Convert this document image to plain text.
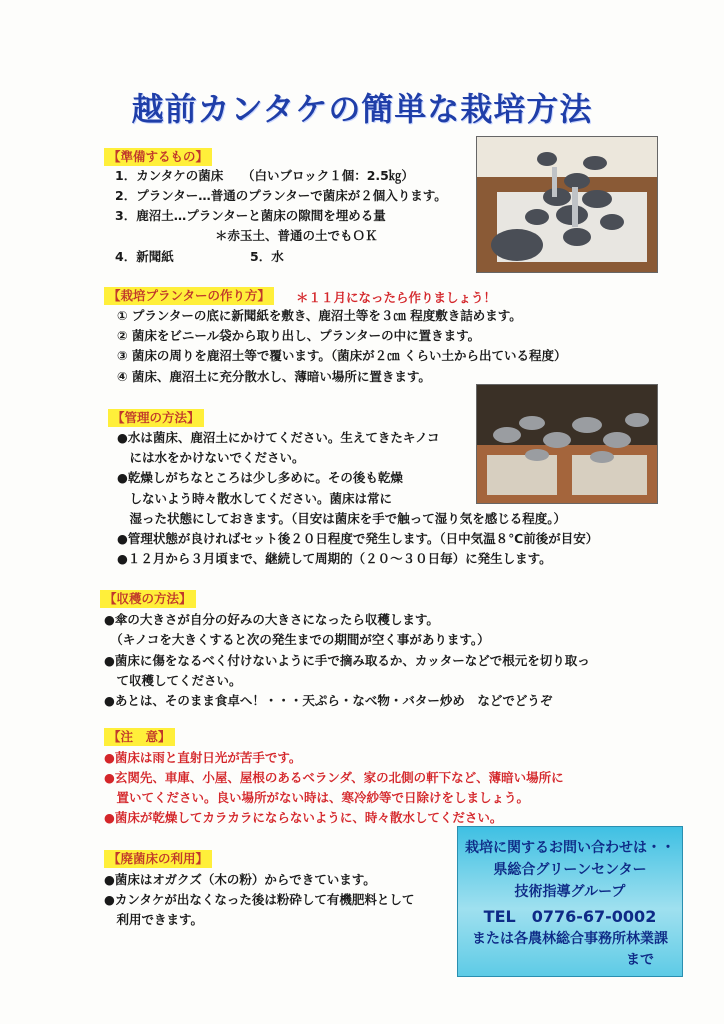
越前カンタケの簡単な栽培方法
【準備するもの】
1．カンタケの菌床　　（白いブロック１個：2.5㎏）
2．プランター…普通のプランターで菌床が２個入ります。
3．鹿沼土…プランターと菌床の隙間を埋める量
＊赤玉土、普通の土でもＯＫ
4．新聞紙	5．水
【栽培プランターの作り方】	＊１１月になったら作りましょう！
① プランターの底に新聞紙を敷き、鹿沼土等を３㎝ 程度敷き詰めます。
② 菌床をビニール袋から取り出し、プランターの中に置きます。
③ 菌床の周りを鹿沼土等で覆います。（菌床が２㎝ くらい土から出ている程度）
④ 菌床、鹿沼土に充分散水し、薄暗い場所に置きます。
【管理の方法】
●水は菌床、鹿沼土にかけてください。生えてきたキノコ
　には水をかけないでください。
●乾燥しがちなところは少し多めに。その後も乾燥
　しないよう時々散水してください。菌床は常に
　湿った状態にしておきます。（目安は菌床を手で触って湿り気を感じる程度。）
●管理状態が良ければセット後２０日程度で発生します。（日中気温８℃前後が目安）
●１２月から３月頃まで、継続して周期的（２０～３０日毎）に発生します。
【収穫の方法】
●傘の大きさが自分の好みの大きさになったら収穫します。
　（キノコを大きくすると次の発生までの期間が空く事があります。）
●菌床に傷をなるべく付けないように手で摘み取るか、カッターなどで根元を切り取っ
　て収穫してください。
●あとは、そのまま食卓へ！・・・天ぷら・なべ物・バター炒め　などでどうぞ
【注　意】
●菌床は雨と直射日光が苦手です。
●玄関先、車庫、小屋、屋根のあるベランダ、家の北側の軒下など、薄暗い場所に
　置いてください。良い場所がない時は、寒冷紗等で日除けをしましょう。
●菌床が乾燥してカラカラにならないように、時々散水してください。
【廃菌床の利用】
●菌床はオガクズ（木の粉）からできています。
●カンタケが出なくなった後は粉砕して有機肥料として
　利用できます。
栽培に関するお問い合わせは・・
県総合グリーンセンター
技術指導グループ
TEL　0776-67-0002
または各農林総合事務所林業課
まで
